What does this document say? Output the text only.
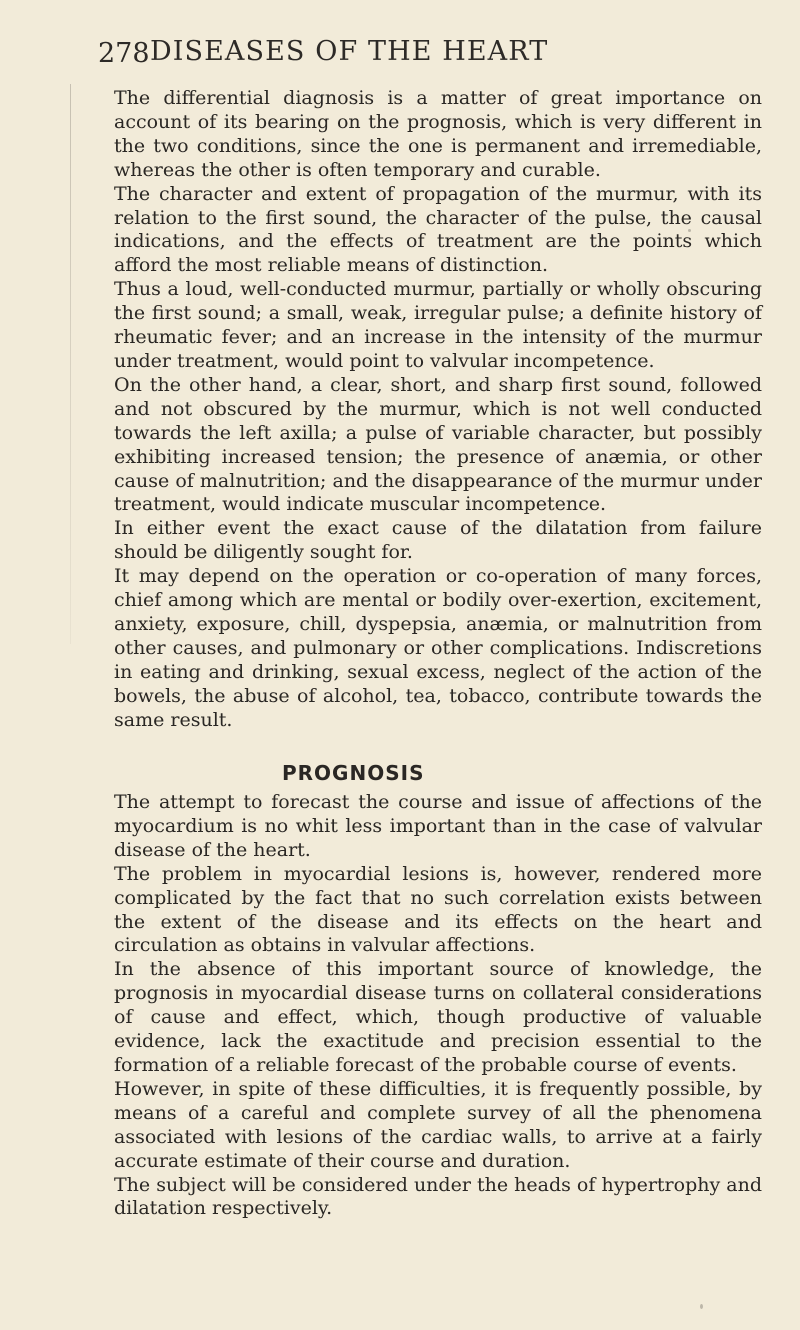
278 DISEASES OF THE HEART

The differential diagnosis is a matter of great importance on account of its bearing on the prognosis, which is very different in the two conditions, since the one is permanent and irremediable, whereas the other is often temporary and curable.

The character and extent of propagation of the murmur, with its relation to the first sound, the character of the pulse, the causal indications, and the effects of treatment are the points which afford the most reliable means of distinction.

Thus a loud, well-conducted murmur, partially or wholly obscuring the first sound; a small, weak, irregular pulse; a definite history of rheumatic fever; and an increase in the intensity of the murmur under treatment, would point to valvular incompetence.

On the other hand, a clear, short, and sharp first sound, followed and not obscured by the murmur, which is not well conducted towards the left axilla; a pulse of variable character, but possibly exhibiting increased tension; the presence of anæmia, or other cause of malnutrition; and the disappearance of the murmur under treatment, would indicate muscular incompetence.

In either event the exact cause of the dilatation from failure should be diligently sought for.

It may depend on the operation or co-operation of many forces, chief among which are mental or bodily over-exertion, excitement, anxiety, exposure, chill, dyspepsia, anæmia, or malnutrition from other causes, and pulmonary or other complications. Indiscretions in eating and drinking, sexual excess, neglect of the action of the bowels, the abuse of alcohol, tea, tobacco, contribute towards the same result.

PROGNOSIS

The attempt to forecast the course and issue of affections of the myocardium is no whit less important than in the case of valvular disease of the heart.

The problem in myocardial lesions is, however, rendered more complicated by the fact that no such correlation exists between the extent of the disease and its effects on the heart and circulation as obtains in valvular affections.

In the absence of this important source of knowledge, the prognosis in myocardial disease turns on collateral considerations of cause and effect, which, though productive of valuable evidence, lack the exactitude and precision essential to the formation of a reliable forecast of the probable course of events.

However, in spite of these difficulties, it is frequently possible, by means of a careful and complete survey of all the phenomena associated with lesions of the cardiac walls, to arrive at a fairly accurate estimate of their course and duration.

The subject will be considered under the heads of hypertrophy and dilatation respectively.
